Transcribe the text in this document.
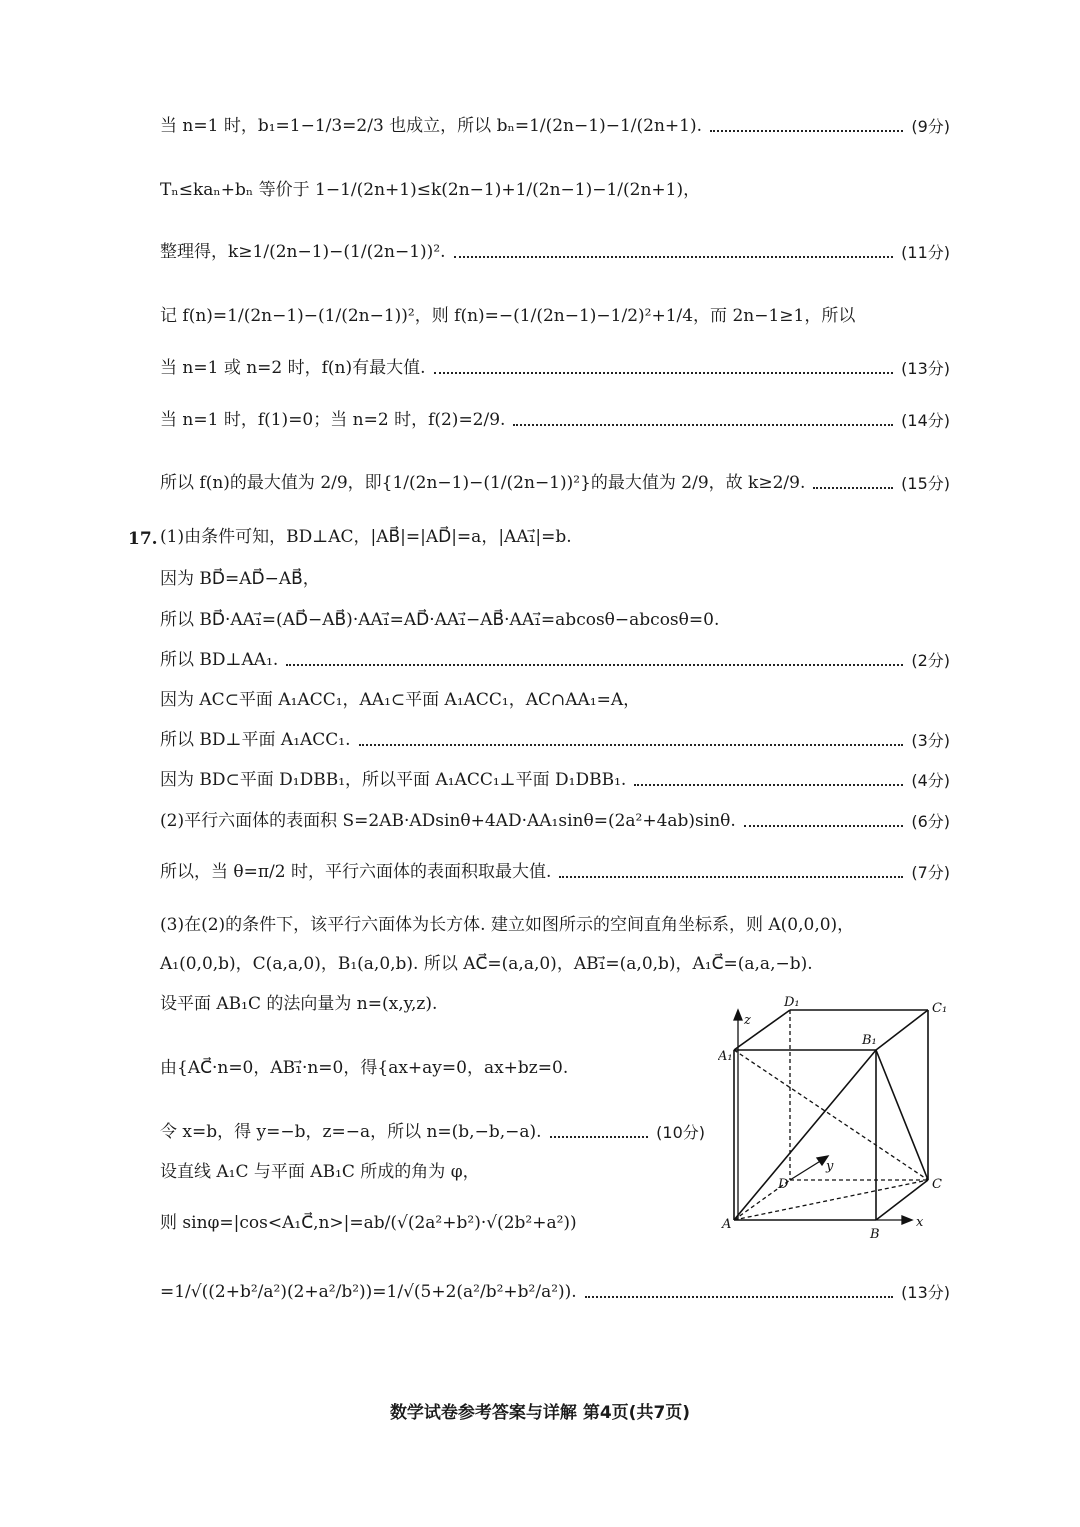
当 n=1 时，b₁=1−1/3=2/3 也成立，所以 bₙ=1/(2n−1)−1/(2n+1).	(9分)
Tₙ≤kaₙ+bₙ 等价于 1−1/(2n+1)≤k(2n−1)+1/(2n−1)−1/(2n+1)，
整理得，k≥1/(2n−1)−(1/(2n−1))².	(11分)
记 f(n)=1/(2n−1)−(1/(2n−1))²，则 f(n)=−(1/(2n−1)−1/2)²+1/4，而 2n−1≥1，所以
当 n=1 或 n=2 时，f(n)有最大值.	(13分)
当 n=1 时，f(1)=0；当 n=2 时，f(2)=2/9.	(14分)
所以 f(n)的最大值为 2/9，即{1/(2n−1)−(1/(2n−1))²}的最大值为 2/9，故 k≥2/9.	(15分)
17. (1)由条件可知，BD⊥AC，|AB⃗|=|AD⃗|=a，|AA₁⃗|=b.
因为 BD⃗=AD⃗−AB⃗，
所以 BD⃗·AA₁⃗=(AD⃗−AB⃗)·AA₁⃗=AD⃗·AA₁⃗−AB⃗·AA₁⃗=abcosθ−abcosθ=0.
所以 BD⊥AA₁.	(2分)
因为 AC⊂平面 A₁ACC₁，AA₁⊂平面 A₁ACC₁，AC∩AA₁=A，
所以 BD⊥平面 A₁ACC₁.	(3分)
因为 BD⊂平面 D₁DBB₁，所以平面 A₁ACC₁⊥平面 D₁DBB₁.	(4分)
(2)平行六面体的表面积 S=2AB·ADsinθ+4AD·AA₁sinθ=(2a²+4ab)sinθ.	(6分)
所以，当 θ=π/2 时，平行六面体的表面积取最大值.	(7分)
(3)在(2)的条件下，该平行六面体为长方体. 建立如图所示的空间直角坐标系，则 A(0,0,0)，
A₁(0,0,b)，C(a,a,0)，B₁(a,0,b). 所以 AC⃗=(a,a,0)，AB₁⃗=(a,0,b)，A₁C⃗=(a,a,−b).
设平面 AB₁C 的法向量为 n=(x,y,z).
由{AC⃗·n=0，AB₁⃗·n=0，得{ax+ay=0，ax+bz=0.
令 x=b，得 y=−b，z=−a，所以 n=(b,−b,−a).	(10分)
设直线 A₁C 与平面 AB₁C 所成的角为 φ，
则 sinφ=|cos<A₁C⃗,n>|=ab/(√(2a²+b²)·√(2b²+a²))
=1/√((2+b²/a²)(2+a²/b²))=1/√(5+2(a²/b²+b²/a²)).	(13分)
D₁	C₁
z
A₁
B₁
y
D	C
A
B
x
数学试卷参考答案与详解 第4页(共7页)
